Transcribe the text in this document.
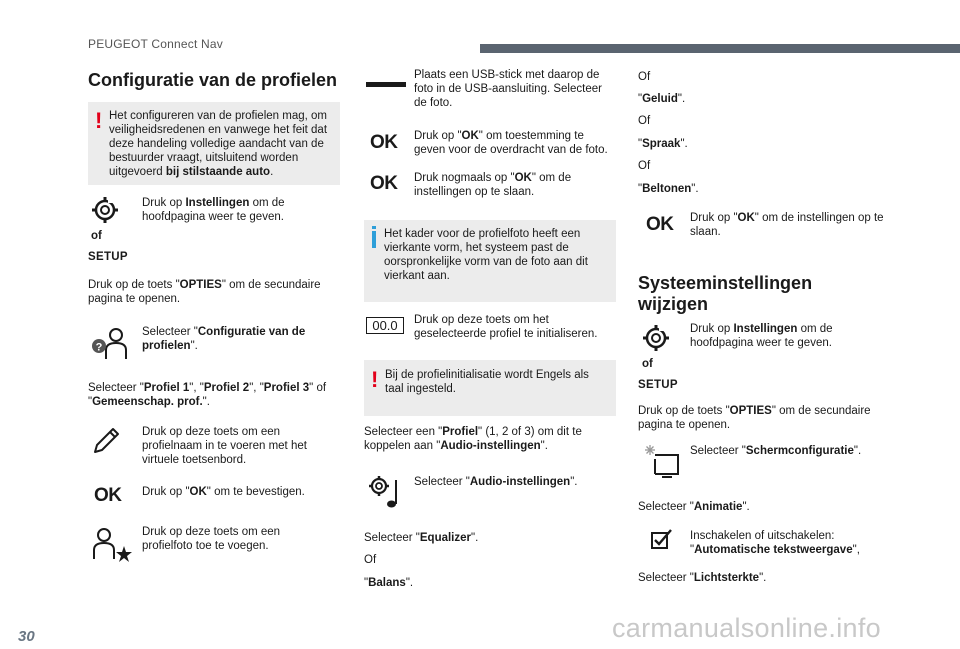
PEUGEOT Connect Nav
Configuratie van de profielen
! Het configureren van de profielen mag, om veiligheidsredenen en vanwege het feit dat deze handeling volledige aandacht van de bestuurder vraagt, uitsluitend worden uitgevoerd bij stilstaande auto.
of
SETUP
Druk op Instellingen om de hoofdpagina weer te geven.
Druk op de toets "OPTIES" om de secundaire pagina te openen.
?
Selecteer "Configuratie van de profielen".
Selecteer "Profiel 1", "Profiel 2", "Profiel 3" of "Gemeenschap. prof.".
Druk op deze toets om een profielnaam in te voeren met het virtuele toetsenbord.
OK Druk op "OK" om te bevestigen.
Druk op deze toets om een profielfoto toe te voegen.
Plaats een USB-stick met daarop de foto in de USB-aansluiting. Selecteer de foto.
OK Druk op "OK" om toestemming te geven voor de overdracht van de foto.
OK Druk nogmaals op "OK" om de instellingen op te slaan.
Het kader voor de profielfoto heeft een vierkante vorm, het systeem past de oorspronkelijke vorm van de foto aan dit vierkant aan.
00.0	Druk op deze toets om het geselecteerde profiel te initialiseren.
! Bij de profielinitialisatie wordt Engels als taal ingesteld.
Selecteer een "Profiel" (1, 2 of 3) om dit te koppelen aan "Audio-instellingen".
Selecteer "Audio-instellingen".
Selecteer "Equalizer".
Of
"Balans".
Of
"Geluid".
Of
"Spraak".
Of
"Beltonen".
OK Druk op "OK" om de instellingen op te slaan.
Systeeminstellingen wijzigen
of
SETUP
Druk op Instellingen om de hoofdpagina weer te geven.
Druk op de toets "OPTIES" om de secundaire pagina te openen.
Selecteer "Schermconfiguratie".
Selecteer "Animatie".
Inschakelen of uitschakelen: "Automatische tekstweergave",
Selecteer "Lichtsterkte".
30	carmanualsonline.info
